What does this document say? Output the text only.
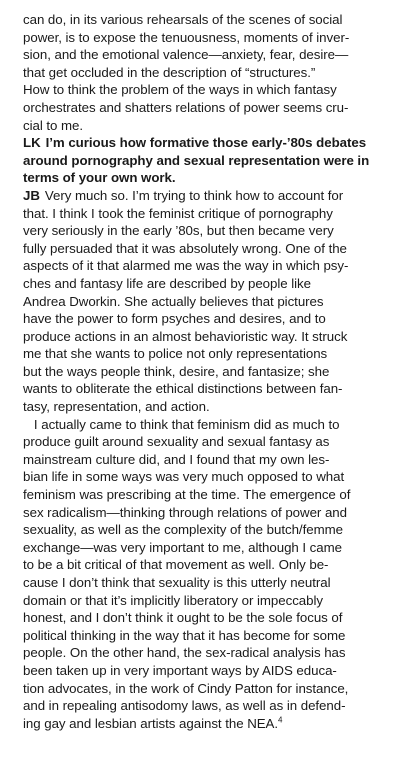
can do, in its various rehearsals of the scenes of social
power, is to expose the tenuousness, moments of inver-
sion, and the emotional valence—anxiety, fear, desire—
that get occluded in the description of “structures.”
How to think the problem of the ways in which fantasy
orchestrates and shatters relations of power seems cru-
cial to me.
LK I’m curious how formative those early-’80s debates
around pornography and sexual representation were in
terms of your own work.
JB Very much so. I’m trying to think how to account for
that. I think I took the feminist critique of pornography
very seriously in the early ’80s, but then became very
fully persuaded that it was absolutely wrong. One of the
aspects of it that alarmed me was the way in which psy-
ches and fantasy life are described by people like
Andrea Dworkin. She actually believes that pictures
have the power to form psyches and desires, and to
produce actions in an almost behavioristic way. It struck
me that she wants to police not only representations
but the ways people think, desire, and fantasize; she
wants to obliterate the ethical distinctions between fan-
tasy, representation, and action.
I actually came to think that feminism did as much to
produce guilt around sexuality and sexual fantasy as
mainstream culture did, and I found that my own les-
bian life in some ways was very much opposed to what
feminism was prescribing at the time. The emergence of
sex radicalism—thinking through relations of power and
sexuality, as well as the complexity of the butch/femme
exchange—was very important to me, although I came
to be a bit critical of that movement as well. Only be-
cause I don’t think that sexuality is this utterly neutral
domain or that it’s implicitly liberatory or impeccably
honest, and I don’t think it ought to be the sole focus of
political thinking in the way that it has become for some
people. On the other hand, the sex-radical analysis has
been taken up in very important ways by AIDS educa-
tion advocates, in the work of Cindy Patton for instance,
and in repealing antisodomy laws, as well as in defend-
ing gay and lesbian artists against the NEA.$^4$
